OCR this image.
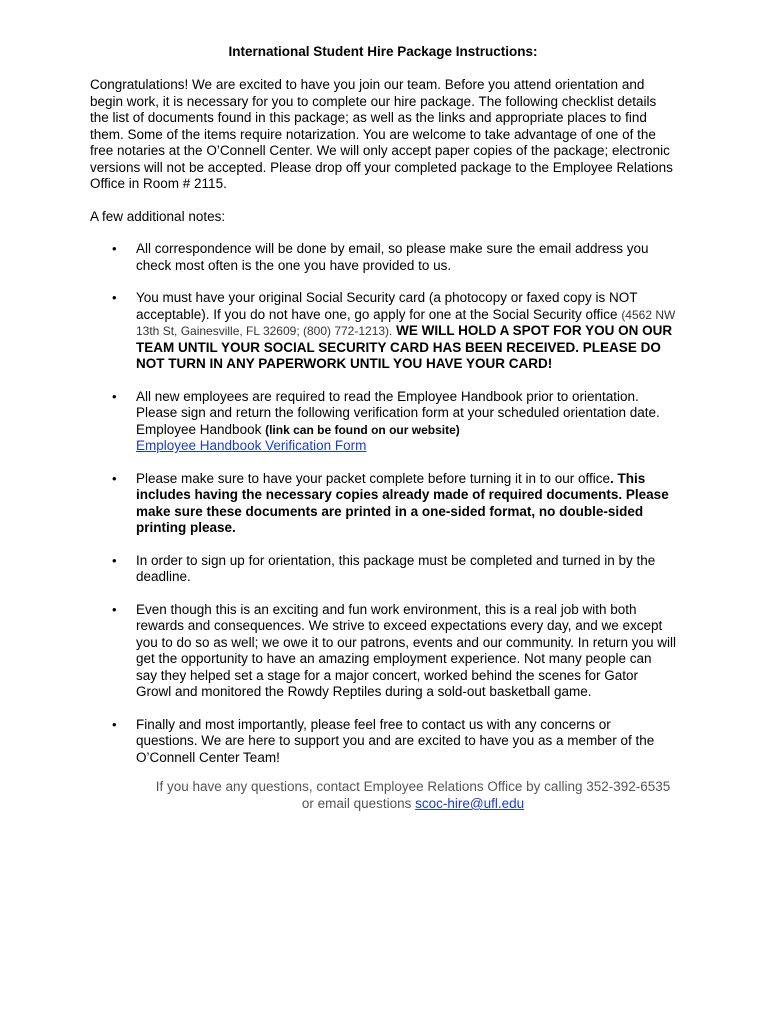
International Student Hire Package Instructions:

Congratulations! We are excited to have you join our team. Before you attend orientation and begin work, it is necessary for you to complete our hire package. The following checklist details the list of documents found in this package; as well as the links and appropriate places to find them. Some of the items require notarization. You are welcome to take advantage of one of the free notaries at the O’Connell Center. We will only accept paper copies of the package; electronic versions will not be accepted. Please drop off your completed package to the Employee Relations Office in Room # 2115.

A few additional notes:

• All correspondence will be done by email, so please make sure the email address you check most often is the one you have provided to us.
• You must have your original Social Security card (a photocopy or faxed copy is NOT acceptable). If you do not have one, go apply for one at the Social Security office (4562 NW 13th St, Gainesville, FL 32609; (800) 772-1213). WE WILL HOLD A SPOT FOR YOU ON OUR TEAM UNTIL YOUR SOCIAL SECURITY CARD HAS BEEN RECEIVED. PLEASE DO NOT TURN IN ANY PAPERWORK UNTIL YOU HAVE YOUR CARD!
• All new employees are required to read the Employee Handbook prior to orientation. Please sign and return the following verification form at your scheduled orientation date. Employee Handbook (link can be found on our website)
Employee Handbook Verification Form
• Please make sure to have your packet complete before turning it in to our office. This includes having the necessary copies already made of required documents. Please make sure these documents are printed in a one-sided format, no double-sided printing please.
• In order to sign up for orientation, this package must be completed and turned in by the deadline.
• Even though this is an exciting and fun work environment, this is a real job with both rewards and consequences. We strive to exceed expectations every day, and we except you to do so as well; we owe it to our patrons, events and our community. In return you will get the opportunity to have an amazing employment experience. Not many people can say they helped set a stage for a major concert, worked behind the scenes for Gator Growl and monitored the Rowdy Reptiles during a sold-out basketball game.
• Finally and most importantly, please feel free to contact us with any concerns or questions. We are here to support you and are excited to have you as a member of the O’Connell Center Team!
If you have any questions, contact Employee Relations Office by calling 352-392-6535
or email questions scoc-hire@ufl.edu
